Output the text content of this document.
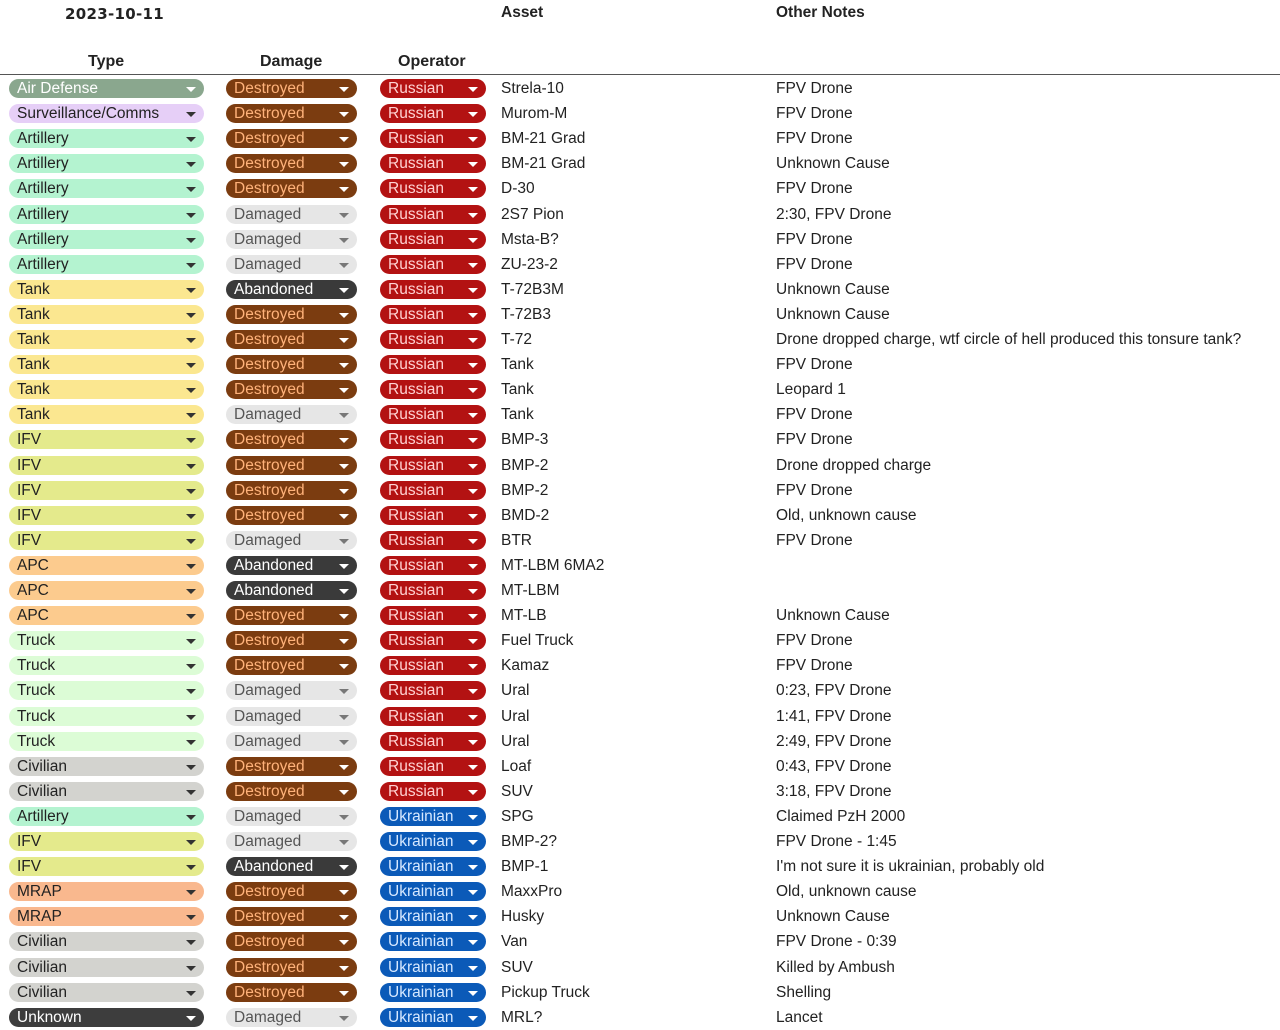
2023-10-11
Type	Damage	Operator
Asset	Other Notes
Air Defense	Destroyed	Russian	Strela-10	FPV Drone
Surveillance/Comms	Destroyed	Russian	Murom-M	FPV Drone
Artillery	Destroyed	Russian	BM-21 Grad	FPV Drone
Artillery	Destroyed	Russian	BM-21 Grad	Unknown Cause
Artillery	Destroyed	Russian	D-30	FPV Drone
Artillery	Damaged	Russian	2S7 Pion	2:30, FPV Drone
Artillery	Damaged	Russian	Msta-B?	FPV Drone
Artillery	Damaged	Russian	ZU-23-2	FPV Drone
Tank	Abandoned	Russian	T-72B3M	Unknown Cause
Tank	Destroyed	Russian	T-72B3	Unknown Cause
Tank	Destroyed	Russian	T-72	Drone dropped charge, wtf circle of hell produced this tonsure tank?
Tank	Destroyed	Russian	Tank	FPV Drone
Tank	Destroyed	Russian	Tank	Leopard 1
Tank	Damaged	Russian	Tank	FPV Drone
IFV	Destroyed	Russian	BMP-3	FPV Drone
IFV	Destroyed	Russian	BMP-2	Drone dropped charge
IFV	Destroyed	Russian	BMP-2	FPV Drone
IFV	Destroyed	Russian	BMD-2	Old, unknown cause
IFV	Damaged	Russian	BTR	FPV Drone
APC	Abandoned	Russian	MT-LBM 6MA2
APC	Abandoned	Russian	MT-LBM
APC	Destroyed	Russian	MT-LB	Unknown Cause
Truck	Destroyed	Russian	Fuel Truck	FPV Drone
Truck	Destroyed	Russian	Kamaz	FPV Drone
Truck	Damaged	Russian	Ural	0:23, FPV Drone
Truck	Damaged	Russian	Ural	1:41, FPV Drone
Truck	Damaged	Russian	Ural	2:49, FPV Drone
Civilian	Destroyed	Russian	Loaf	0:43, FPV Drone
Civilian	Destroyed	Russian	SUV	3:18, FPV Drone
Artillery	Damaged	Ukrainian	SPG	Claimed PzH 2000
IFV	Damaged	Ukrainian	BMP-2?	FPV Drone - 1:45
IFV	Abandoned	Ukrainian	BMP-1	I'm not sure it is ukrainian, probably old
MRAP	Destroyed	Ukrainian	MaxxPro	Old, unknown cause
MRAP	Destroyed	Ukrainian	Husky	Unknown Cause
Civilian	Destroyed	Ukrainian	Van	FPV Drone - 0:39
Civilian	Destroyed	Ukrainian	SUV	Killed by Ambush
Civilian	Destroyed	Ukrainian	Pickup Truck	Shelling
Unknown	Damaged	Ukrainian	MRL?	Lancet
